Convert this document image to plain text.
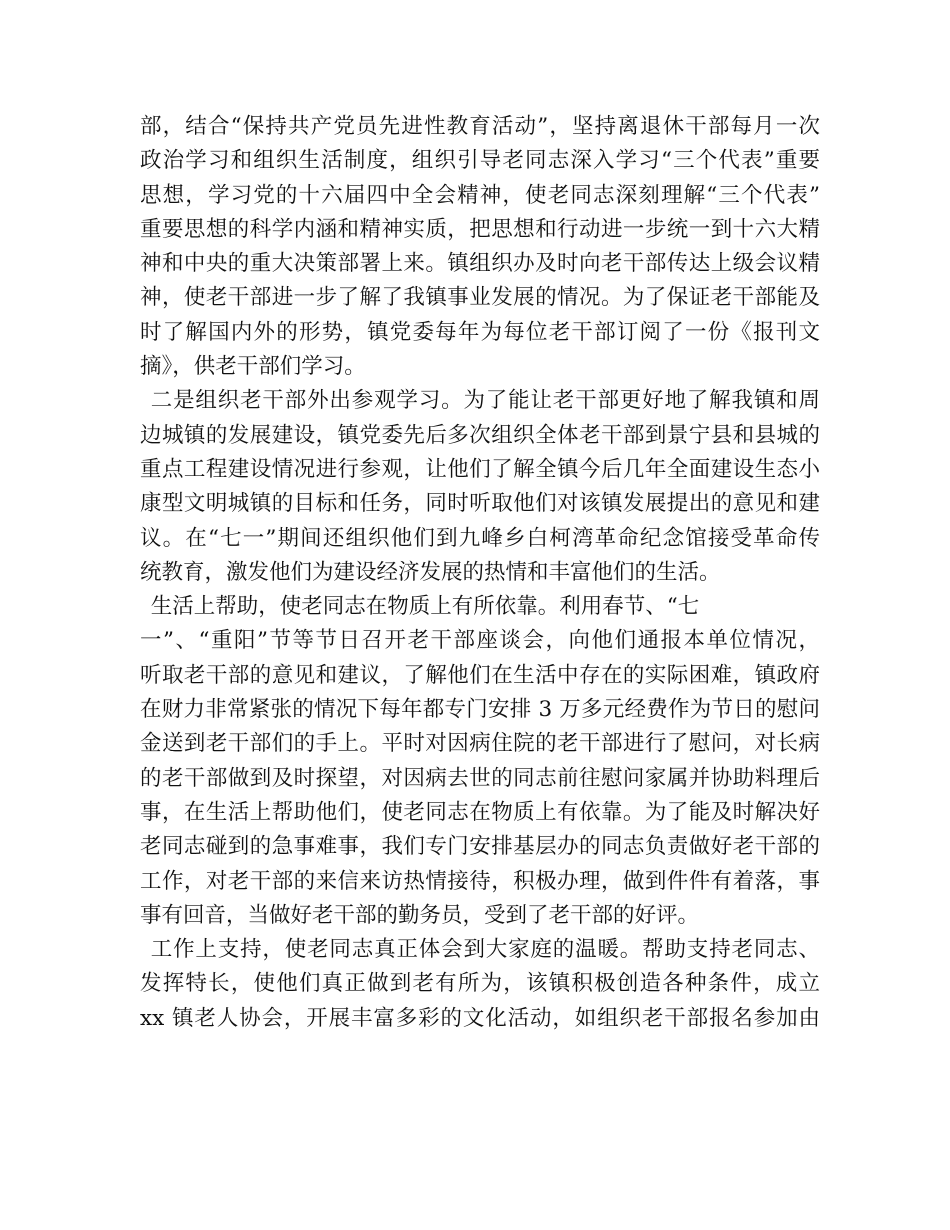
部，结合“保持共产党员先进性教育活动”，坚持离退休干部每月一次
政治学习和组织生活制度，组织引导老同志深入学习“三个代表”重要
思想，学习党的十六届四中全会精神，使老同志深刻理解“三个代表”
重要思想的科学内涵和精神实质，把思想和行动进一步统一到十六大精
神和中央的重大决策部署上来。镇组织办及时向老干部传达上级会议精
神，使老干部进一步了解了我镇事业发展的情况。为了保证老干部能及
时了解国内外的形势，镇党委每年为每位老干部订阅了一份《报刊文
摘》，供老干部们学习。
二是组织老干部外出参观学习。为了能让老干部更好地了解我镇和周
边城镇的发展建设，镇党委先后多次组织全体老干部到景宁县和县城的
重点工程建设情况进行参观，让他们了解全镇今后几年全面建设生态小
康型文明城镇的目标和任务，同时听取他们对该镇发展提出的意见和建
议。在“七一”期间还组织他们到九峰乡白柯湾革命纪念馆接受革命传
统教育，激发他们为建设经济发展的热情和丰富他们的生活。
生活上帮助，使老同志在物质上有所依靠。利用春节、“七
一”、“重阳”节等节日召开老干部座谈会，向他们通报本单位情况，
听取老干部的意见和建议，了解他们在生活中存在的实际困难，镇政府
在财力非常紧张的情况下每年都专门安排 3 万多元经费作为节日的慰问
金送到老干部们的手上。平时对因病住院的老干部进行了慰问，对长病
的老干部做到及时探望，对因病去世的同志前往慰问家属并协助料理后
事，在生活上帮助他们，使老同志在物质上有依靠。为了能及时解决好
老同志碰到的急事难事，我们专门安排基层办的同志负责做好老干部的
工作，对老干部的来信来访热情接待，积极办理，做到件件有着落，事
事有回音，当做好老干部的勤务员，受到了老干部的好评。
工作上支持，使老同志真正体会到大家庭的温暖。帮助支持老同志、
发挥特长，使他们真正做到老有所为，该镇积极创造各种条件，成立
xx 镇老人协会，开展丰富多彩的文化活动，如组织老干部报名参加由
